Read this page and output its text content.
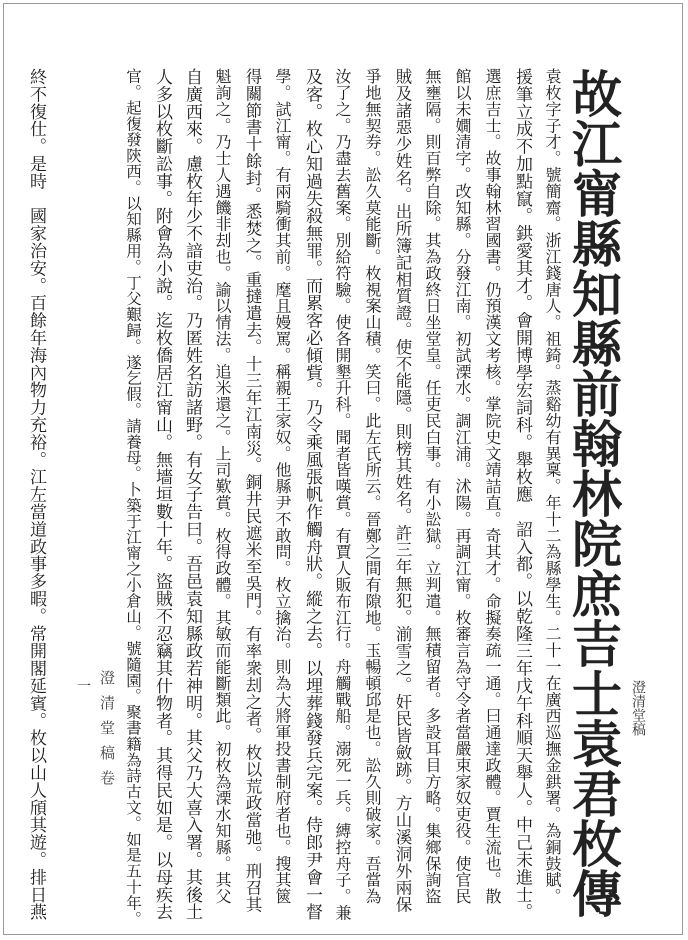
故江甯縣知縣前翰林院庶吉士袁君枚傳 澄清堂稿
袁枚字子才。號簡齋。浙江錢唐人。祖錡。蒸谿幼有異稟。年十二為縣學生。二十一在廣西巡撫金鉷署。為銅鼓賦。
援筆立成不加點竄。鉷愛其才。會開博學宏詞科。舉枚應　詔入都。以乾隆三年戊午科順天舉人。中己未進士。
選庶吉士。故事翰林習國書。仍預漢文考核。掌院史文靖詰直。奇其才。命擬奏疏一通。曰通達政體。賈生流也。散
館以未嫺清字。改知縣。分發江南。初試溧水。調江浦。沭陽。再調江甯。枚審言為守令者當嚴束家奴吏役。使官民
無壅隔。則百弊自除。其為政終日坐堂皇。任吏民白事。有小訟獄。立判遣。無積留者。多設耳目方略。集鄉保詢盜
賊及諸惡少姓名。出所簿記相質證。使不能隱。則榜其姓名。許三年無犯。湔雪之。奸民皆斂跡。方山溪洞外兩保
爭地無契券。訟久莫能斷。枚視案山積。笑曰。此左氏所云。晉鄭之間有隙地。玉暢頓邱是也。訟久則破家。吾當為
汝了之。乃盡去舊案。別給符驗。使各開墾升科。聞者皆嘆賞。有賈人販布江行。舟觸戰船。溺死一兵。縛控舟子。兼
及客。枚心知過失殺無罪。而累客必傾貲。乃令乘風張帆作觸舟狀。縱之去。以埋葬錢發兵完案。侍郎尹會一督
學。試江甯。有兩騎衝其前。麾且嫚罵。稱親王家奴。他縣尹不敢問。枚立擒治。則為大將軍投書制府者也。搜其篋
得關節書十餘封。悉焚之。重撻遣去。十三年江南災。銅井民遮米至吳門。有率衆刦之者。枚以荒政當弛。刑召其
魁詢之。乃士人遇饑非刦也。諭以情法。追米還之。上司歎賞。枚得政體。其敏而能斷類此。初枚為溧水知縣。其父
自廣西來。慮枚年少不諳吏治。乃匿姓名訪諸野。有女子告曰。吾邑袁知縣政若神明。其父乃大喜入署。其後土
人多以枚斷訟事。附會為小說。迄枚僑居江甯山。無墻垣數十年。盜賊不忍竊其什物者。其得民如是。以母疾去
官。起復發陝西。以知縣用。丁父艱歸。遂乞假。請養母。卜築于江甯之小倉山。號隨園。聚書籍為詩古文。如是五十年。
終不復仕。是時　國家治安。百餘年海內物力充裕。江左當道政事多暇。常開閣延賓。枚以山人頎其遊。排日燕	澄清堂稿卷
一
